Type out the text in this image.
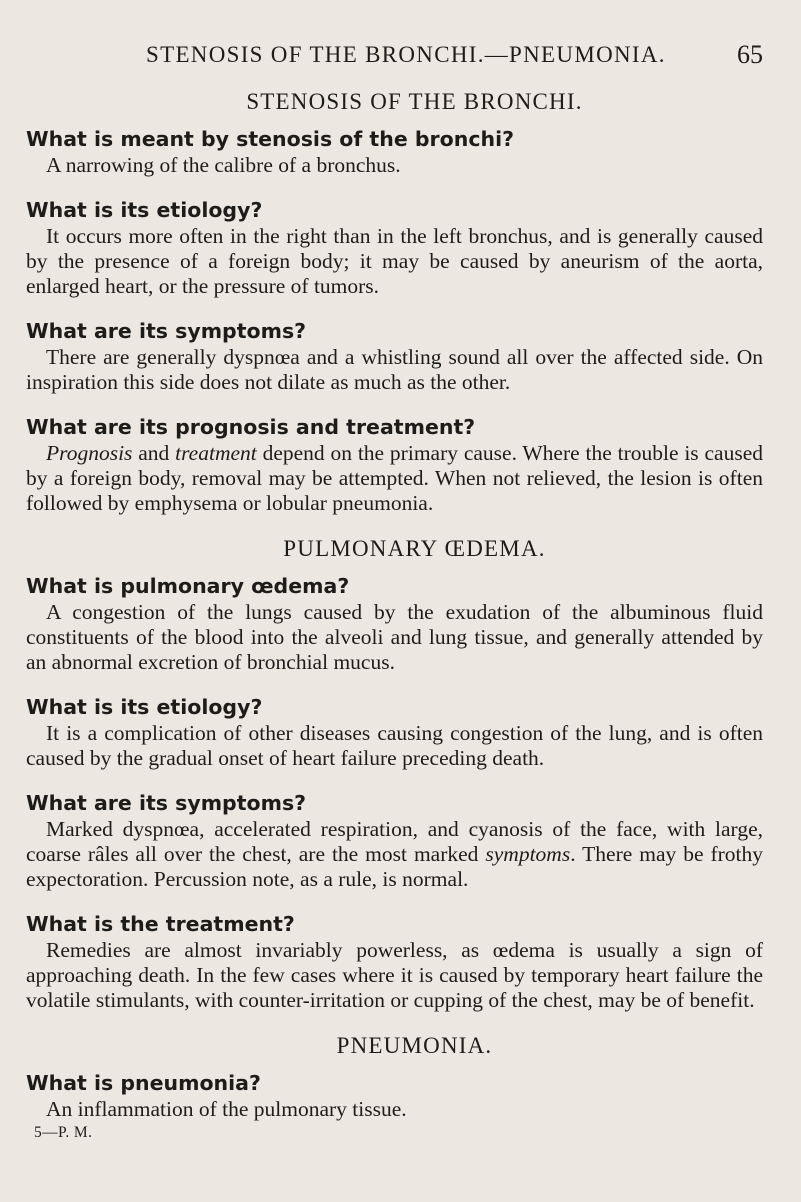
STENOSIS OF THE BRONCHI.—PNEUMONIA.	65
STENOSIS OF THE BRONCHI.

What is meant by stenosis of the bronchi?

A narrowing of the calibre of a bronchus.

What is its etiology?

It occurs more often in the right than in the left bronchus, and is generally caused by the presence of a foreign body; it may be caused by aneurism of the aorta, enlarged heart, or the pressure of tumors.

What are its symptoms?

There are generally dyspnœa and a whistling sound all over the affected side. On inspiration this side does not dilate as much as the other.

What are its prognosis and treatment?

Prognosis and treatment depend on the primary cause. Where the trouble is caused by a foreign body, removal may be attempted. When not relieved, the lesion is often followed by emphysema or lobular pneumonia.

PULMONARY ŒDEMA.

What is pulmonary œdema?

A congestion of the lungs caused by the exudation of the albuminous fluid constituents of the blood into the alveoli and lung tissue, and generally attended by an abnormal excretion of bronchial mucus.

What is its etiology?

It is a complication of other diseases causing congestion of the lung, and is often caused by the gradual onset of heart failure preceding death.

What are its symptoms?

Marked dyspnœa, accelerated respiration, and cyanosis of the face, with large, coarse râles all over the chest, are the most marked symptoms. There may be frothy expectoration. Percussion note, as a rule, is normal.

What is the treatment?

Remedies are almost invariably powerless, as œdema is usually a sign of approaching death. In the few cases where it is caused by temporary heart failure the volatile stimulants, with counter-irritation or cupping of the chest, may be of benefit.

PNEUMONIA.

What is pneumonia?

An inflammation of the pulmonary tissue.

5—P. M.
